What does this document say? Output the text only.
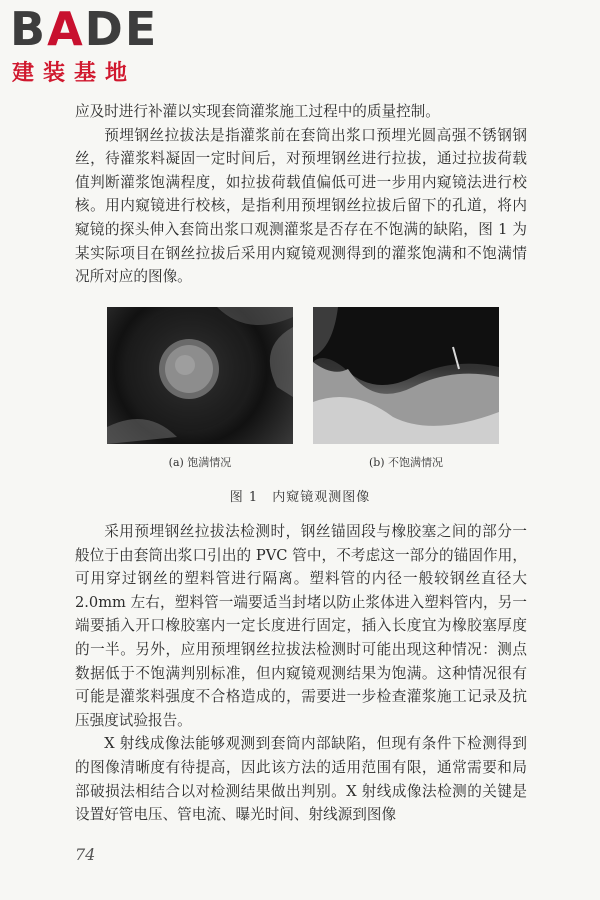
BADE
建装基地

应及时进行补灌以实现套筒灌浆施工过程中的质量控制。

预埋钢丝拉拔法是指灌浆前在套筒出浆口预埋光圆高强不锈钢钢丝，待灌浆料凝固一定时间后，对预埋钢丝进行拉拔，通过拉拔荷载值判断灌浆饱满程度，如拉拔荷载值偏低可进一步用内窥镜法进行校核。用内窥镜进行校核，是指利用预埋钢丝拉拔后留下的孔道，将内窥镜的探头伸入套筒出浆口观测灌浆是否存在不饱满的缺陷，图 1 为某实际项目在钢丝拉拔后采用内窥镜观测得到的灌浆饱满和不饱满情况所对应的图像。

(a) 饱满情况	(b) 不饱满情况
图 1　内窥镜观测图像

采用预埋钢丝拉拔法检测时，钢丝锚固段与橡胶塞之间的部分一般位于由套筒出浆口引出的 PVC 管中，不考虑这一部分的锚固作用，可用穿过钢丝的塑料管进行隔离。塑料管的内径一般较钢丝直径大 2.0mm 左右，塑料管一端要适当封堵以防止浆体进入塑料管内，另一端要插入开口橡胶塞内一定长度进行固定，插入长度宜为橡胶塞厚度的一半。另外，应用预埋钢丝拉拔法检测时可能出现这种情况：测点数据低于不饱满判别标准，但内窥镜观测结果为饱满。这种情况很有可能是灌浆料强度不合格造成的，需要进一步检查灌浆施工记录及抗压强度试验报告。

X 射线成像法能够观测到套筒内部缺陷，但现有条件下检测得到的图像清晰度有待提高，因此该方法的适用范围有限，通常需要和局部破损法相结合以对检测结果做出判别。X 射线成像法检测的关键是设置好管电压、管电流、曝光时间、射线源到图像

74
